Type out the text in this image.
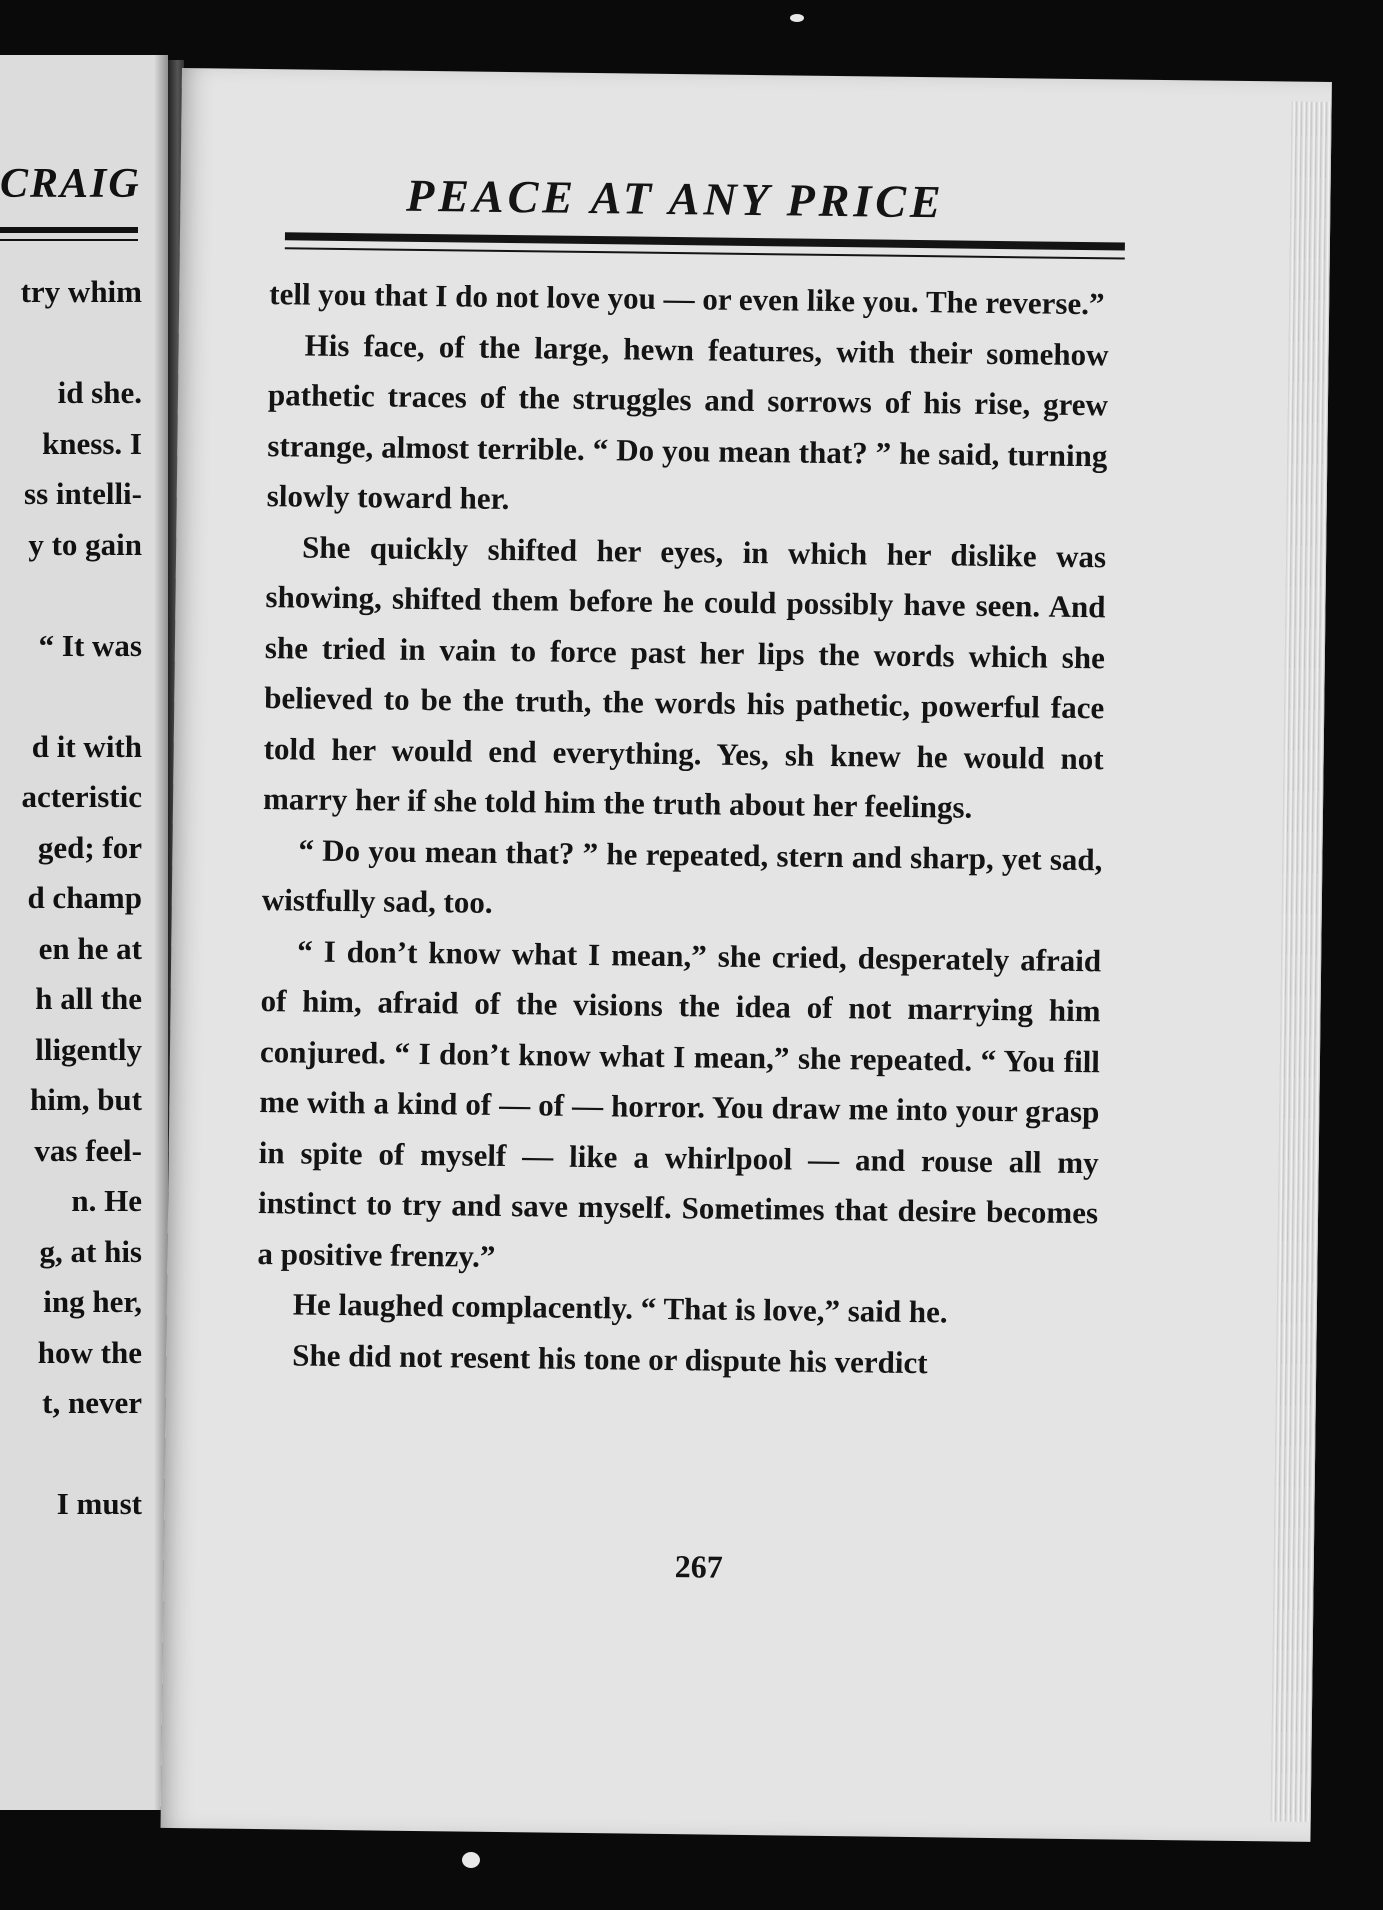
CRAIG
try whim
id she.
kness. I
ss intelli-
y to gain
“ It was
d it with
acteristic
ged; for
d champ
en he at
h all the
lligently
him, but
vas feel-
n. He
g, at his
ing her,
how the
t, never
I must
PEACE AT ANY PRICE

tell you that I do not love you — or even like you. The reverse.”

His face, of the large, hewn features, with their somehow pathetic traces of the struggles and sorrows of his rise, grew strange, almost terrible. “ Do you mean that? ” he said, turning slowly toward her.

She quickly shifted her eyes, in which her dislike was showing, shifted them before he could possibly have seen. And she tried in vain to force past her lips the words which she believed to be the truth, the words his pathetic, powerful face told her would end everything. Yes, sh knew he would not marry her if she told him the truth about her feelings.

“ Do you mean that? ” he repeated, stern and sharp, yet sad, wistfully sad, too.

“ I don’t know what I mean,” she cried, desperately afraid of him, afraid of the visions the idea of not marrying him conjured. “ I don’t know what I mean,” she repeated. “ You fill me with a kind of — of — horror. You draw me into your grasp in spite of myself — like a whirlpool — and rouse all my instinct to try and save myself. Sometimes that desire becomes a positive frenzy.”

He laughed complacently. “ That is love,” said he.

She did not resent his tone or dispute his verdict

267
